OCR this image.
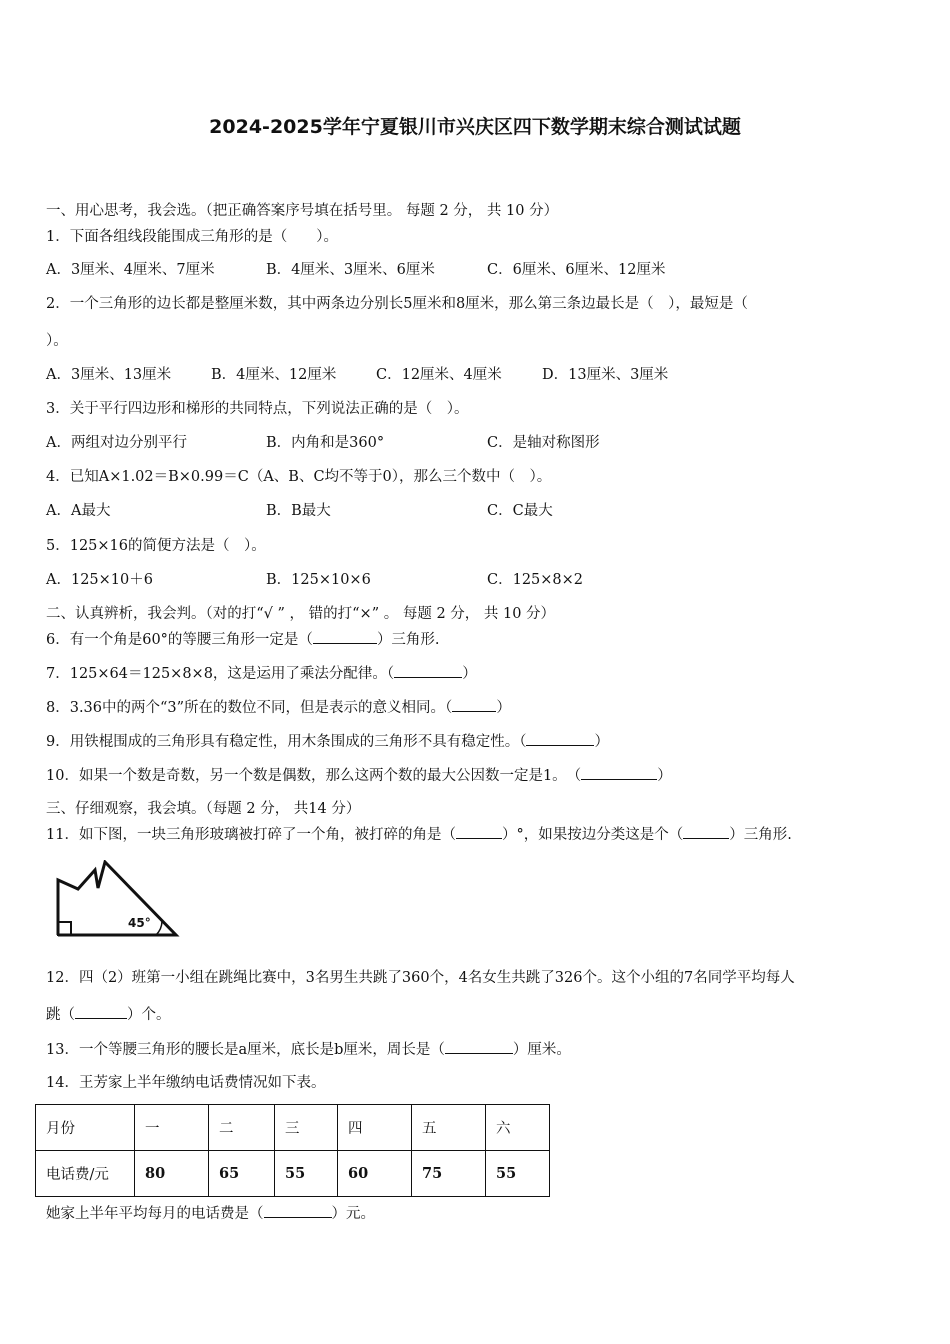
2024-2025学年宁夏银川市兴庆区四下数学期末综合测试试题
一、用心思考，我会选。（把正确答案序号填在括号里。 每题 2 分， 共 10 分）
1．下面各组线段能围成三角形的是（　　）。
A．3厘米、4厘米、7厘米	B．4厘米、3厘米、6厘米	C．6厘米、6厘米、12厘米
2．一个三角形的边长都是整厘米数，其中两条边分别长5厘米和8厘米，那么第三条边最长是（　），最短是（
）。
A．3厘米、13厘米	B．4厘米、12厘米	C．12厘米、4厘米	D．13厘米、3厘米
3．关于平行四边形和梯形的共同特点，下列说法正确的是（　）。
A．两组对边分别平行	B．内角和是360°	C．是轴对称图形
4．已知A×1.02＝B×0.99＝C（A、B、C均不等于0），那么三个数中（　）。
A．A最大	B．B最大	C．C最大
5．125×16的简便方法是（　）。
A．125×10＋6	B．125×10×6	C．125×8×2
二、认真辨析，我会判。（对的打“√ ” ， 错的打“×” 。 每题 2 分， 共 10 分）
6．有一个角是60°的等腰三角形一定是（	）三角形.
7．125×64＝125×8×8，这是运用了乘法分配律。（	）
8．3.36中的两个“3”所在的数位不同，但是表示的意义相同。（	）
9．用铁棍围成的三角形具有稳定性，用木条围成的三角形不具有稳定性。（	）
10．如果一个数是奇数，另一个数是偶数，那么这两个数的最大公因数一定是1。　（	）
三、仔细观察，我会填。（每题 2 分， 共14 分）
11．如下图，一块三角形玻璃被打碎了一个角，被打碎的角是（	）°，如果按边分类这是个（	）三角形.
45°
12．四（2）班第一小组在跳绳比赛中，3名男生共跳了360个，4名女生共跳了326个。这个小组的7名同学平均每人
跳（	）个。
13．一个等腰三角形的腰长是a厘米，底长是b厘米，周长是（	）厘米。
14．王芳家上半年缴纳电话费情况如下表。
月份	一	二	三	四	五	六
电话费/元	80	65	55	60	75	55
她家上半年平均每月的电话费是（	）元。
